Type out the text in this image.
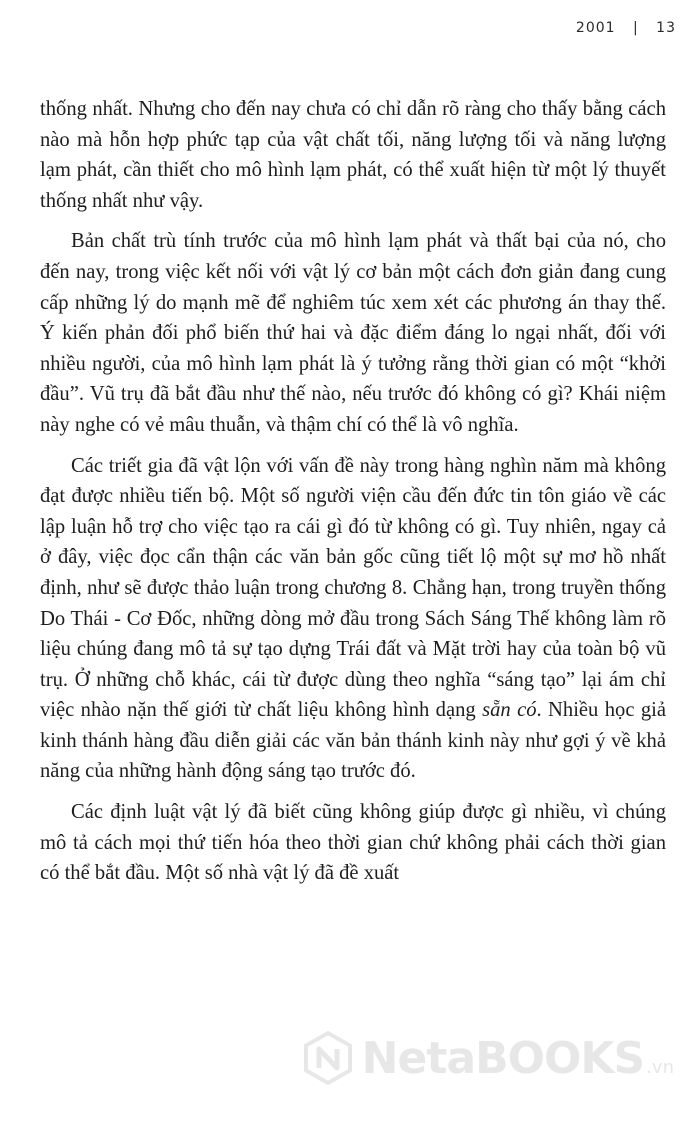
2001 | 13

thống nhất. Nhưng cho đến nay chưa có chỉ dẫn rõ ràng cho thấy bằng cách nào mà hỗn hợp phức tạp của vật chất tối, năng lượng tối và năng lượng lạm phát, cần thiết cho mô hình lạm phát, có thể xuất hiện từ một lý thuyết thống nhất như vậy.

Bản chất trù tính trước của mô hình lạm phát và thất bại của nó, cho đến nay, trong việc kết nối với vật lý cơ bản một cách đơn giản đang cung cấp những lý do mạnh mẽ để nghiêm túc xem xét các phương án thay thế. Ý kiến phản đối phổ biến thứ hai và đặc điểm đáng lo ngại nhất, đối với nhiều người, của mô hình lạm phát là ý tưởng rằng thời gian có một “khởi đầu”. Vũ trụ đã bắt đầu như thế nào, nếu trước đó không có gì? Khái niệm này nghe có vẻ mâu thuẫn, và thậm chí có thể là vô nghĩa.

Các triết gia đã vật lộn với vấn đề này trong hàng nghìn năm mà không đạt được nhiều tiến bộ. Một số người viện cầu đến đức tin tôn giáo về các lập luận hỗ trợ cho việc tạo ra cái gì đó từ không có gì. Tuy nhiên, ngay cả ở đây, việc đọc cẩn thận các văn bản gốc cũng tiết lộ một sự mơ hồ nhất định, như sẽ được thảo luận trong chương 8. Chẳng hạn, trong truyền thống Do Thái - Cơ Đốc, những dòng mở đầu trong Sách Sáng Thế không làm rõ liệu chúng đang mô tả sự tạo dựng Trái đất và Mặt trời hay của toàn bộ vũ trụ. Ở những chỗ khác, cái từ được dùng theo nghĩa “sáng tạo” lại ám chỉ việc nhào nặn thế giới từ chất liệu không hình dạng sẵn có. Nhiều học giả kinh thánh hàng đầu diễn giải các văn bản thánh kinh này như gợi ý về khả năng của những hành động sáng tạo trước đó.

Các định luật vật lý đã biết cũng không giúp được gì nhiều, vì chúng mô tả cách mọi thứ tiến hóa theo thời gian chứ không phải cách thời gian có thể bắt đầu. Một số nhà vật lý đã đề xuất

NetaBOOKS .vn
